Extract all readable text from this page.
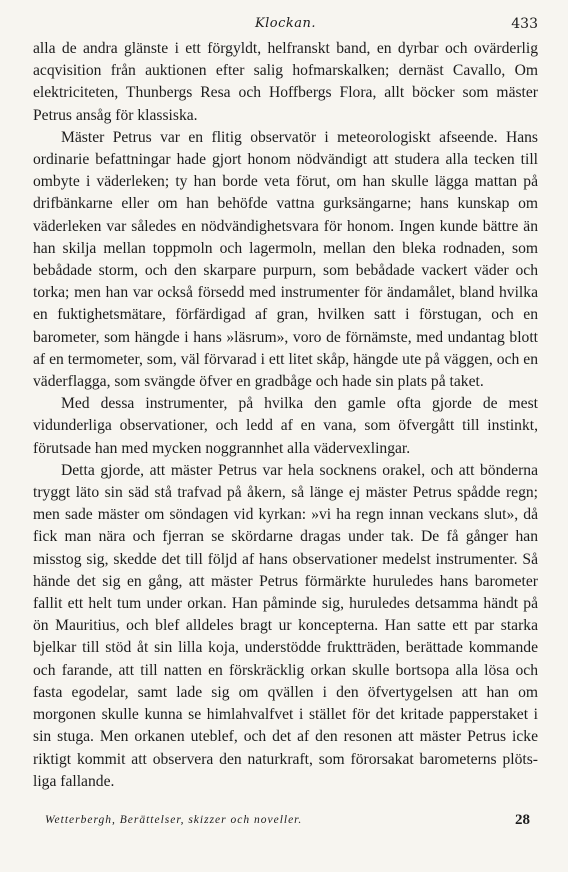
Klockan.	433

alla de andra glänste i ett förgyldt, helfranskt band, en dyrbar och ovärderlig acqvisition från auktionen efter salig hofmarskalken; dernäst Cavallo, Om elektriciteten, Thunbergs Resa och Hoffbergs Flora, allt böcker som mäster Petrus ansåg för klassiska.

Mäster Petrus var en flitig observatör i meteorologiskt afseende. Hans ordinarie befattningar hade gjort honom nödvändigt att studera alla tecken till ombyte i väderleken; ty han borde veta förut, om han skulle lägga mattan på drifbänkarne eller om han behöfde vattna gurksängarne; hans kunskap om väderleken var således en nödvändighetsvara för honom. Ingen kunde bättre än han skilja mellan toppmoln och lagermoln, mellan den bleka rodnaden, som bebådade storm, och den skarpare purpurn, som bebådade vackert väder och torka; men han var också försedd med instrumenter för ändamålet, bland hvilka en fuktighetsmätare, förfärdigad af gran, hvilken satt i förstugan, och en barometer, som hängde i hans »läsrum», voro de förnämste, med undantag blott af en termometer, som, väl förvarad i ett litet skåp, hängde ute på väggen, och en väderflagga, som svängde öfver en gradbåge och hade sin plats på taket.

Med dessa instrumenter, på hvilka den gamle ofta gjorde de mest vidunderliga observationer, och ledd af en vana, som öfvergått till instinkt, förutsade han med mycken noggrannhet alla vädervexlingar.

Detta gjorde, att mäster Petrus var hela socknens orakel, och att bönderna tryggt läto sin säd stå trafvad på åkern, så länge ej mäster Petrus spådde regn; men sade mäster om söndagen vid kyrkan: »vi ha regn innan veckans slut», då fick man nära och fjerran se skördarne dragas under tak. De få gånger han misstog sig, skedde det till följd af hans observationer medelst instrumenter. Så hände det sig en gång, att mäster Petrus förmärkte huruledes hans barometer fallit ett helt tum under orkan. Han påminde sig, huruledes detsamma händt på ön Mauritius, och blef alldeles bragt ur koncepterna. Han satte ett par starka bjelkar till stöd åt sin lilla koja, understödde fruktträden, berättade kommande och farande, att till natten en förskräcklig orkan skulle bortsopa alla lösa och fasta egodelar, samt lade sig om qvällen i den öfvertygelsen att han om morgonen skulle kunna se himlahvalfvet i stället för det kritade papperstaket i sin stuga. Men orkanen uteblef, och det af den resonen att mäster Petrus icke riktigt kommit att observera den naturkraft, som förorsakat barometerns plötsliga fallande.

Wetterbergh, Berättelser, skizzer och noveller.	28
